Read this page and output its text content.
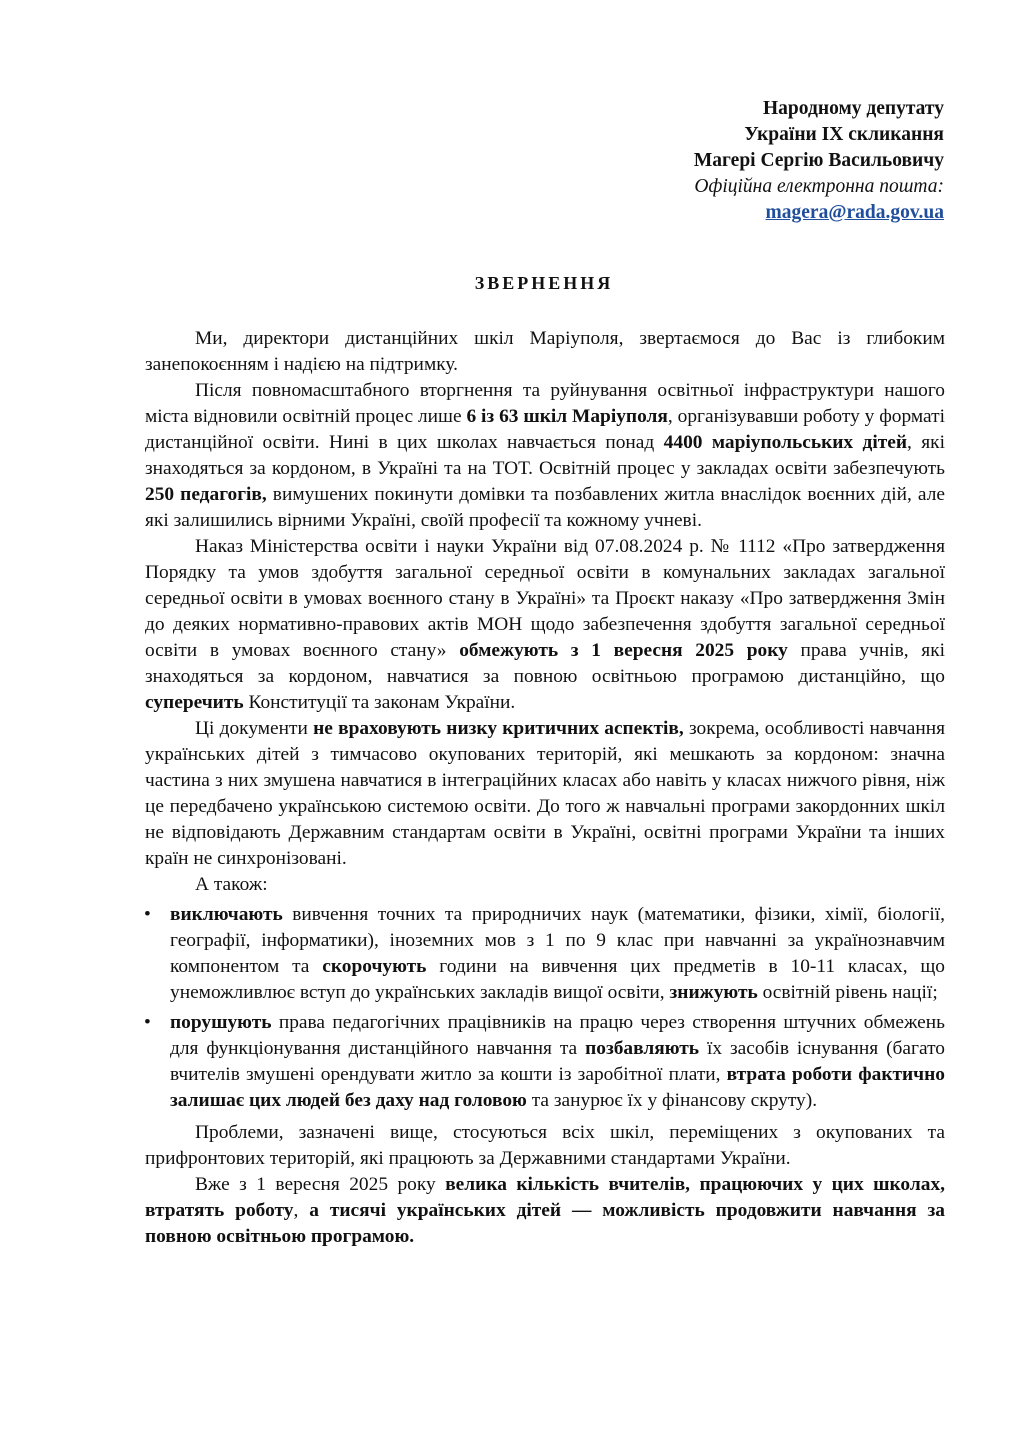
Народному депутату
України IX скликання
Магері Сергію Васильовичу
Офіційна електронна пошта:
magera@rada.gov.ua
ЗВЕРНЕННЯ

Ми, директори дистанційних шкіл Маріуполя, звертаємося до Вас із глибоким занепокоєнням і надією на підтримку.

Після повномасштабного вторгнення та руйнування освітньої інфраструктури нашого міста відновили освітній процес лише 6 із 63 шкіл Маріуполя, організувавши роботу у форматі дистанційної освіти. Нині в цих школах навчається понад 4400 маріупольських дітей, які знаходяться за кордоном, в Україні та на ТОТ. Освітній процес у закладах освіти забезпечують 250 педагогів, вимушених покинути домівки та позбавлених житла внаслідок воєнних дій, але які залишились вірними Україні, своїй професії та кожному учневі.

Наказ Міністерства освіти і науки України від 07.08.2024 р. № 1112 «Про затвердження Порядку та умов здобуття загальної середньої освіти в комунальних закладах загальної середньої освіти в умовах воєнного стану в Україні» та Проєкт наказу «Про затвердження Змін до деяких нормативно-правових актів МОН щодо забезпечення здобуття загальної середньої освіти в умовах воєнного стану» обмежують з 1 вересня 2025 року права учнів, які знаходяться за кордоном, навчатися за повною освітньою програмою дистанційно, що суперечить Конституції та законам України.

Ці документи не враховують низку критичних аспектів, зокрема, особливості навчання українських дітей з тимчасово окупованих територій, які мешкають за кордоном: значна частина з них змушена навчатися в інтеграційних класах або навіть у класах нижчого рівня, ніж це передбачено українською системою освіти. До того ж навчальні програми закордонних шкіл не відповідають Державним стандартам освіти в Україні, освітні програми України та інших країн не синхронізовані.

А також:

• виключають вивчення точних та природничих наук (математики, фізики, хімії, біології, географії, інформатики), іноземних мов з 1 по 9 клас при навчанні за українознавчим компонентом та скорочують години на вивчення цих предметів в 10-11 класах, що унеможливлює вступ до українських закладів вищої освіти, знижують освітній рівень нації;
• порушують права педагогічних працівників на працю через створення штучних обмежень для функціонування дистанційного навчання та позбавляють їх засобів існування (багато вчителів змушені орендувати житло за кошти із заробітної плати, втрата роботи фактично залишає цих людей без даху над головою та занурює їх у фінансову скруту).

Проблеми, зазначені вище, стосуються всіх шкіл, переміщених з окупованих та прифронтових територій, які працюють за Державними стандартами України.

Вже з 1 вересня 2025 року велика кількість вчителів, працюючих у цих школах, втратять роботу, а тисячі українських дітей — можливість продовжити навчання за повною освітньою програмою.
